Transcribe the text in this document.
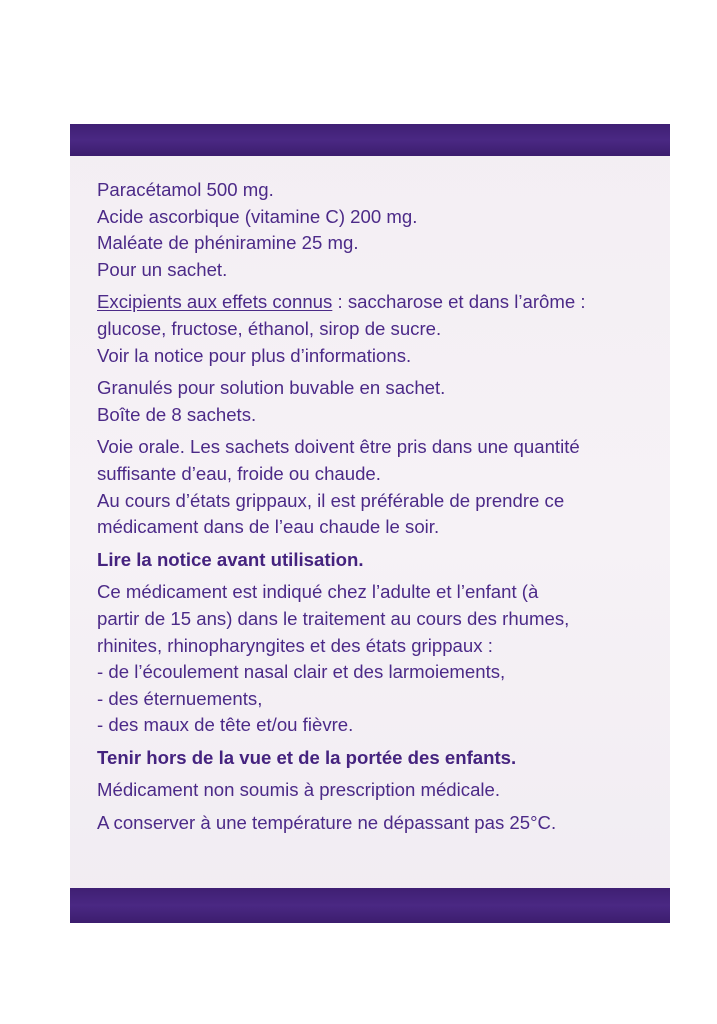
Paracétamol 500 mg.
Acide ascorbique (vitamine C) 200 mg.
Maléate de phéniramine 25 mg.
Pour un sachet.
Excipients aux effets connus : saccharose et dans l’arôme :
glucose, fructose, éthanol, sirop de sucre.
Voir la notice pour plus d’informations.
Granulés pour solution buvable en sachet.
Boîte de 8 sachets.
Voie orale. Les sachets doivent être pris dans une quantité
suffisante d’eau, froide ou chaude.
Au cours d’états grippaux, il est préférable de prendre ce
médicament dans de l’eau chaude le soir.
Lire la notice avant utilisation.
Ce médicament est indiqué chez l’adulte et l’enfant (à
partir de 15 ans) dans le traitement au cours des rhumes,
rhinites, rhinopharyngites et des états grippaux :
- de l’écoulement nasal clair et des larmoiements,
- des éternuements,
- des maux de tête et/ou fièvre.
Tenir hors de la vue et de la portée des enfants.
Médicament non soumis à prescription médicale.
A conserver à une température ne dépassant pas 25°C.
